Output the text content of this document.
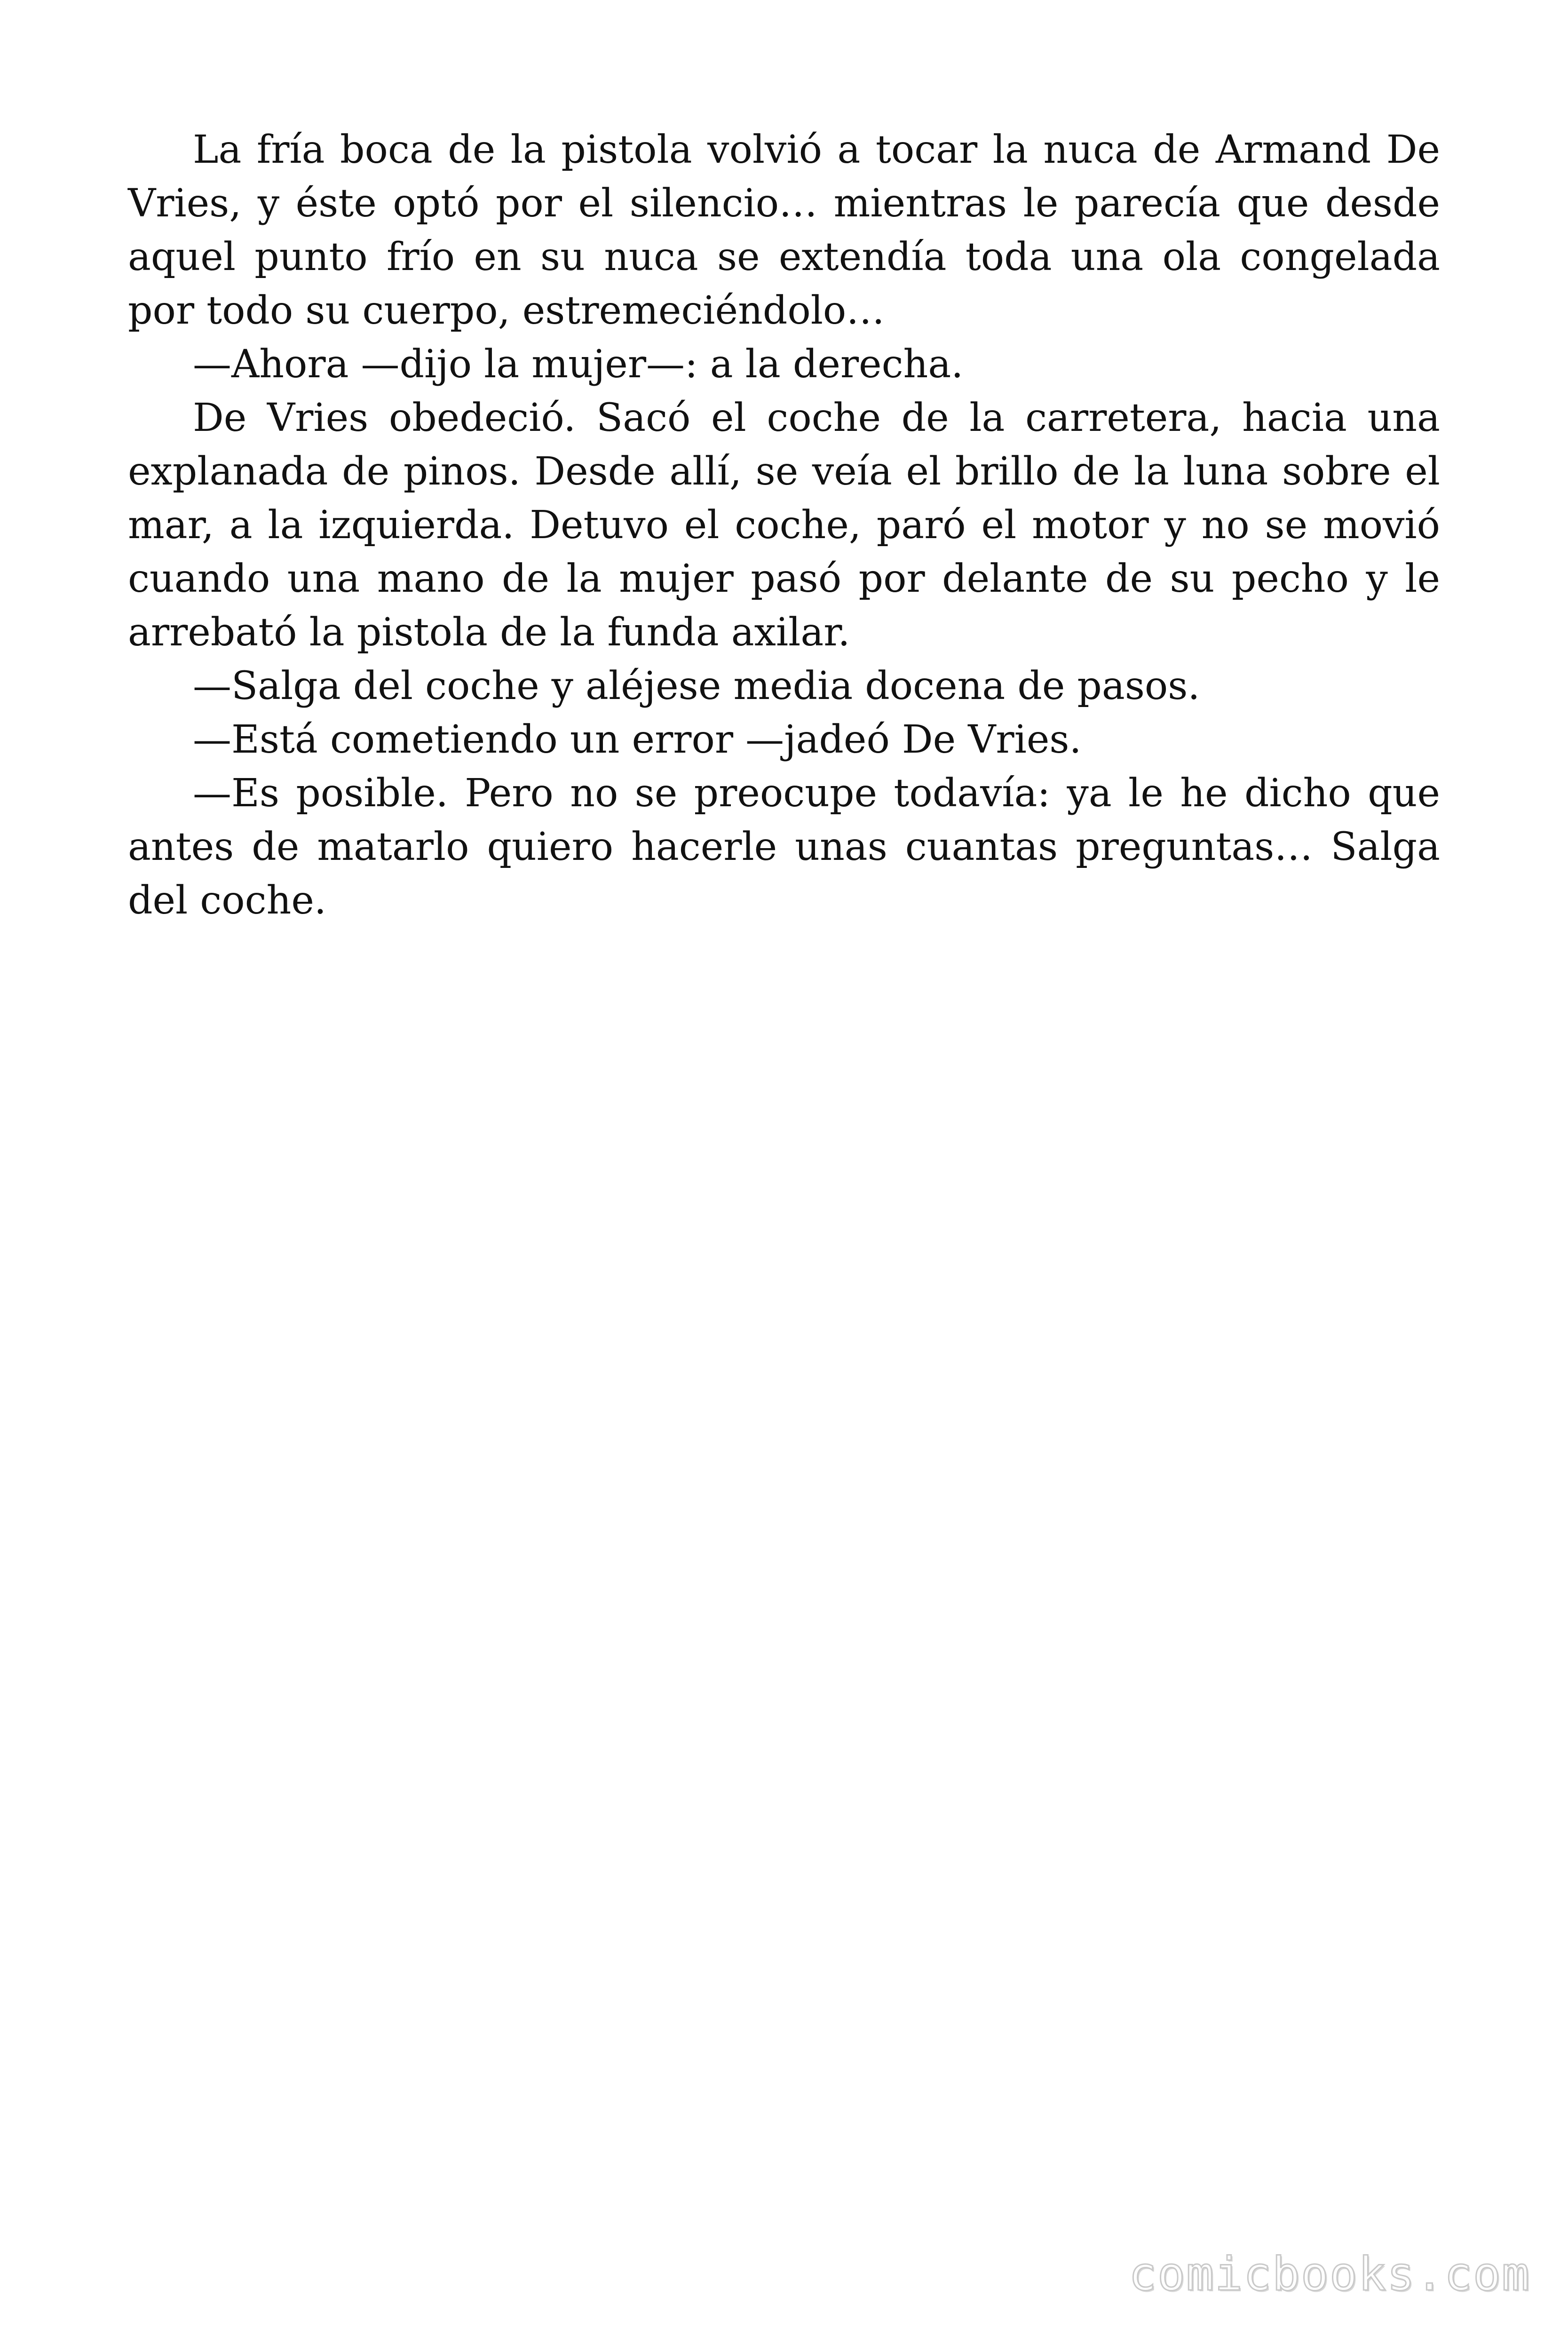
La fría boca de la pistola volvió a tocar la nuca de Armand De Vries, y éste optó por el silencio… mientras le parecía que desde aquel punto frío en su nuca se extendía toda una ola congelada por todo su cuerpo, estremeciéndolo…

—Ahora —dijo la mujer—: a la derecha.

De Vries obedeció. Sacó el coche de la carretera, hacia una explanada de pinos. Desde allí, se veía el brillo de la luna sobre el mar, a la izquierda. Detuvo el coche, paró el motor y no se movió cuando una mano de la mujer pasó por delante de su pecho y le arrebató la pistola de la funda axilar.

—Salga del coche y aléjese media docena de pasos.

—Está cometiendo un error —jadeó De Vries.

—Es posible. Pero no se preocupe todavía: ya le he dicho que antes de matarlo quiero hacerle unas cuantas preguntas… Salga del coche.

comicbooks.com
